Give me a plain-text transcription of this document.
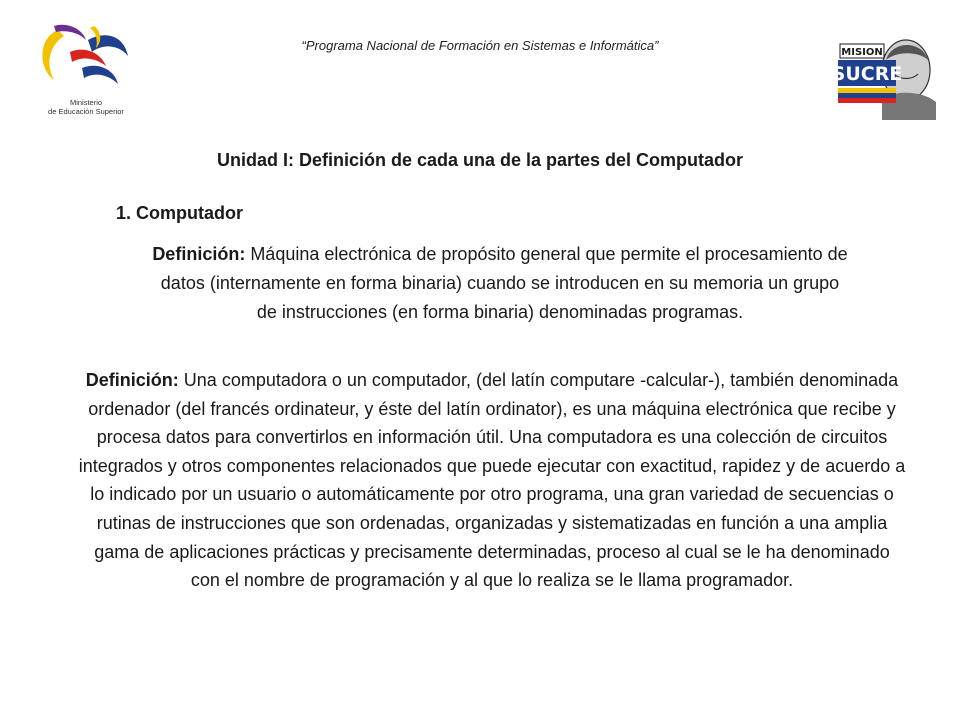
Ministerio
de Educación Superior
“Programa Nacional de Formación en Sistemas e Informática”	MISION
SUCRE
Unidad I: Definición de cada una de la partes del Computador
1. Computador
Definición: Máquina electrónica de propósito general que permite el procesamiento de datos (internamente en forma binaria) cuando se introducen en su memoria un grupo de instrucciones (en forma binaria) denominadas programas.
Definición: Una computadora o un computador, (del latín computare -calcular-), también denominada ordenador (del francés ordinateur, y éste del latín ordinator), es una máquina electrónica que recibe y procesa datos para convertirlos en información útil. Una computadora es una colección de circuitos integrados y otros componentes relacionados que puede ejecutar con exactitud, rapidez y de acuerdo a lo indicado por un usuario o automáticamente por otro programa, una gran variedad de secuencias o rutinas de instrucciones que son ordenadas, organizadas y sistematizadas en función a una amplia gama de aplicaciones prácticas y precisamente determinadas, proceso al cual se le ha denominado con el nombre de programación y al que lo realiza se le llama programador.
